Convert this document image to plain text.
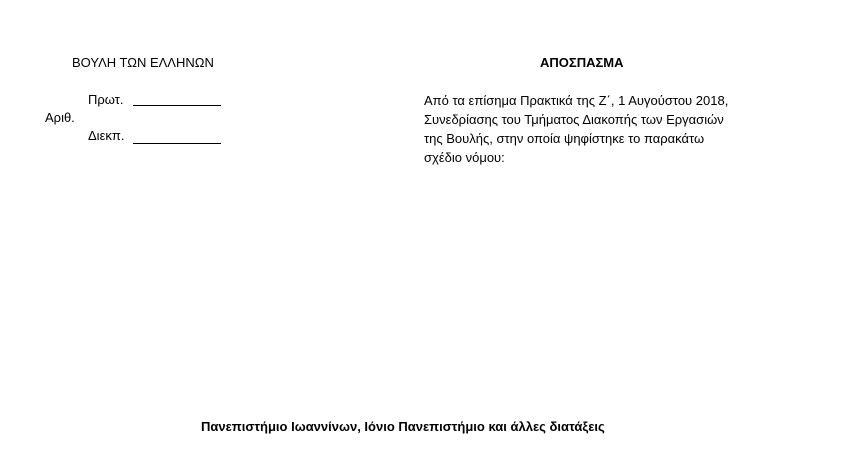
ΒΟΥΛΗ ΤΩΝ ΕΛΛΗΝΩΝ
Πρωτ.
Αριθ.
Διεκπ.
ΑΠΟΣΠΑΣΜΑ
Από τα επίσημα Πρακτικά της Ζ΄, 1 Αυγούστου 2018,
Συνεδρίασης του Τμήματος Διακοπής των Εργασιών
της Βουλής, στην οποία ψηφίστηκε το παρακάτω
σχέδιο νόμου:
Πανεπιστήμιο Ιωαννίνων, Ιόνιο Πανεπιστήμιο και άλλες διατάξεις
